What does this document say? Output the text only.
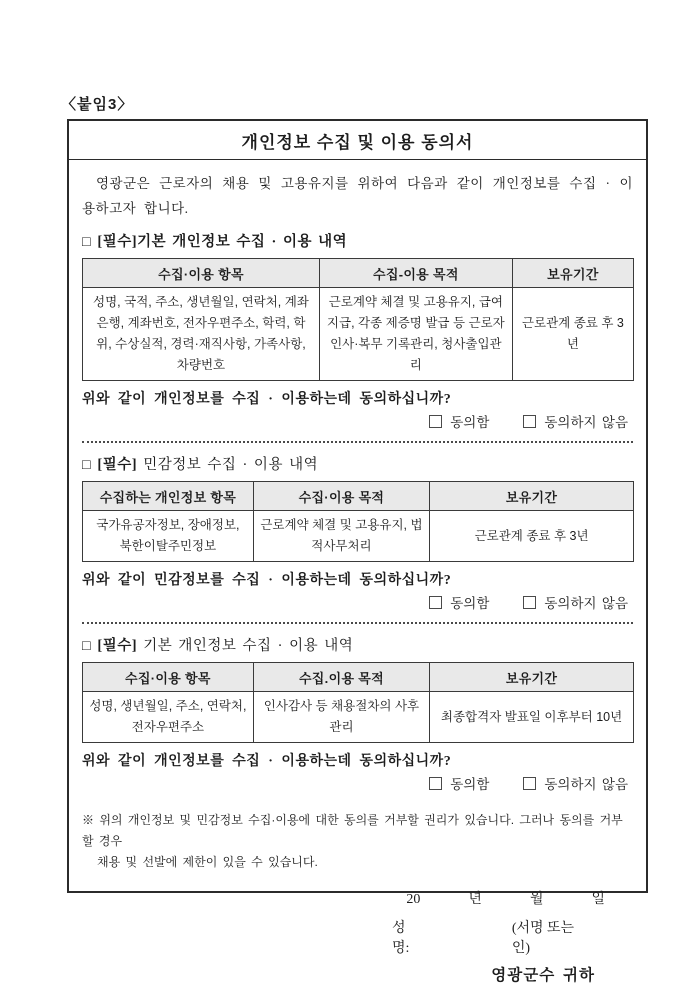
〈붙임3〉
개인정보 수집 및 이용 동의서

영광군은 근로자의 채용 및 고용유지를 위하여 다음과 같이 개인정보를 수집 · 이용하고자 합니다.

□ [필수]기본 개인정보 수집 · 이용 내역
수집·이용 항목	수집-이용 목적	보유기간
성명, 국적, 주소, 생년월일, 연락처, 계좌은행, 계좌번호, 전자우편주소, 학력, 학위, 수상실적, 경력·재직사항, 가족사항, 차량번호	근로계약 체결 및 고용유지, 급여지급, 각종 제증명 발급 등 근로자 인사·복무 기록관리, 청사출입관리	근로관계 종료 후 3년
위와 같이 개인정보를 수집 · 이용하는데 동의하십니까?
동의함	동의하지 않음
□ [필수] 민감정보 수집 · 이용 내역
수집하는 개인정보 항목	수집·이용 목적	보유기간
국가유공자정보, 장애정보, 북한이탈주민정보	근로계약 체결 및 고용유지, 법적사무처리	근로관계 종료 후 3년
위와 같이 민감정보를 수집 · 이용하는데 동의하십니까?
동의함	동의하지 않음
□ [필수] 기본 개인정보 수집 · 이용 내역
수집·이용 항목	수집.이용 목적	보유기간
성명, 생년월일, 주소, 연락처, 전자우편주소	인사감사 등 채용절차의 사후관리	최종합격자 발표일 이후부터 10년
위와 같이 개인정보를 수집 · 이용하는데 동의하십니까?
동의함	동의하지 않음
※ 위의 개인정보 및 민감정보 수집·이용에 대한 동의를 거부할 권리가 있습니다. 그러나 동의를 거부할 경우
채용 및 선발에 제한이 있을 수 있습니다.
20	년	월	일
성명:
(서명 또는 인)
영광군수 귀하
